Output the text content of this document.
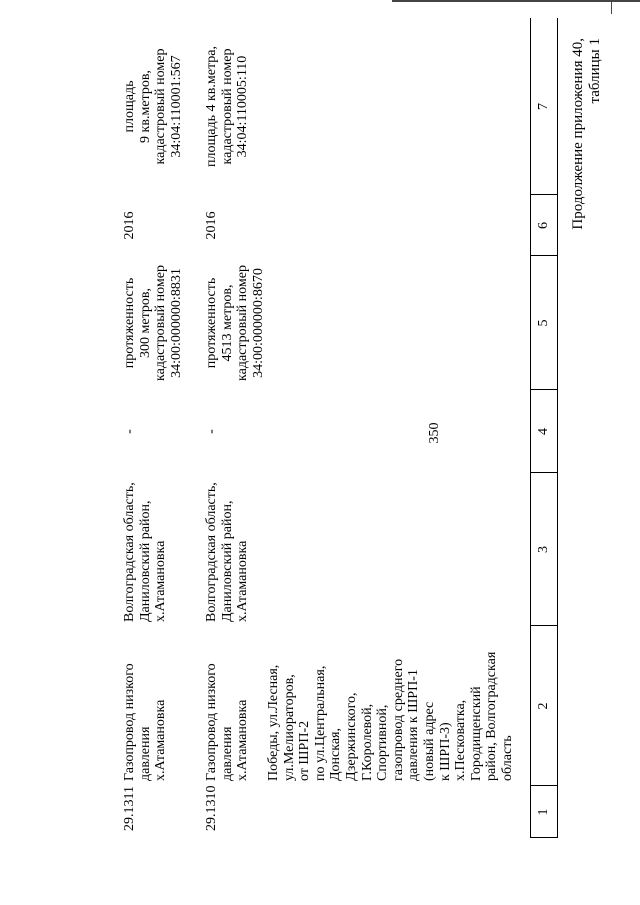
350
Продолжение приложения 40,
таблицы 1
1
2
3
4
5
6
7
Победы, ул.Лесная,
ул.Мелиораторов,
от ШРП-2
по ул.Центральная,
Донская,
Дзержинского,
Г.Королевой,
Спортивной,
газопровод среднего
давления к ШРП-1
(новый адрес
к ШРП-3)
х.Песковатка,
Городищенский
район, Волгоградская
область
29.1310
Газопровод низкого
давления
х.Атамановка
Волгоградская область,
Даниловский район,
х.Атамановка
-
протяженность
4513 метров,
кадастровый номер
34:00:000000:8670
2016
площадь 4 кв.метра,
кадастровый номер
34:04:110005:110
29.1311
Газопровод низкого
давления
х.Атамановка
Волгоградская область,
Даниловский район,
х.Атамановка
-
протяженность
300 метров,
кадастровый номер
34:00:000000:8831
2016
площадь
9 кв.метров,
кадастровый номер
34:04:110001:567
